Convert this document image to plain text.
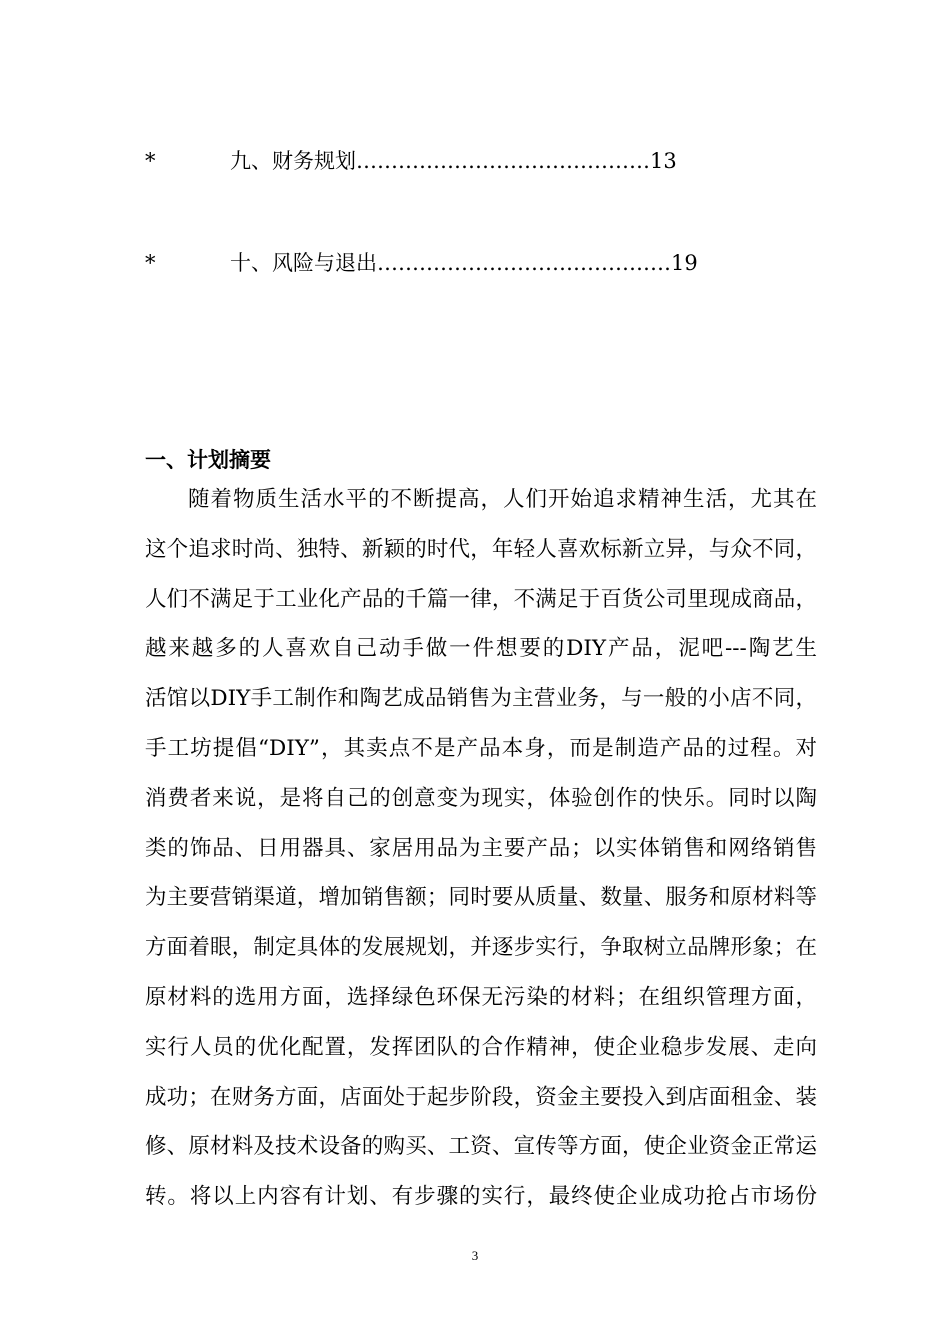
*	九、财务规划……………………………………13
*	十、风险与退出……………………………………19
一、计划摘要
随着物质生活水平的不断提高，人们开始追求精神生活，尤其在
这个追求时尚、独特、新颖的时代，年轻人喜欢标新立异，与众不同，
人们不满足于工业化产品的千篇一律，不满足于百货公司里现成商品，
越来越多的人喜欢自己动手做一件想要的DIY产品，泥吧---陶艺生
活馆以DIY手工制作和陶艺成品销售为主营业务，与一般的小店不同，
手工坊提倡“DIY”，其卖点不是产品本身，而是制造产品的过程。对
消费者来说，是将自己的创意变为现实，体验创作的快乐。同时以陶
类的饰品、日用器具、家居用品为主要产品；以实体销售和网络销售
为主要营销渠道，增加销售额；同时要从质量、数量、服务和原材料等
方面着眼，制定具体的发展规划，并逐步实行，争取树立品牌形象；在
原材料的选用方面，选择绿色环保无污染的材料；在组织管理方面，
实行人员的优化配置，发挥团队的合作精神，使企业稳步发展、走向
成功；在财务方面，店面处于起步阶段，资金主要投入到店面租金、装
修、原材料及技术设备的购买、工资、宣传等方面，使企业资金正常运
转。将以上内容有计划、有步骤的实行，最终使企业成功抢占市场份
3
